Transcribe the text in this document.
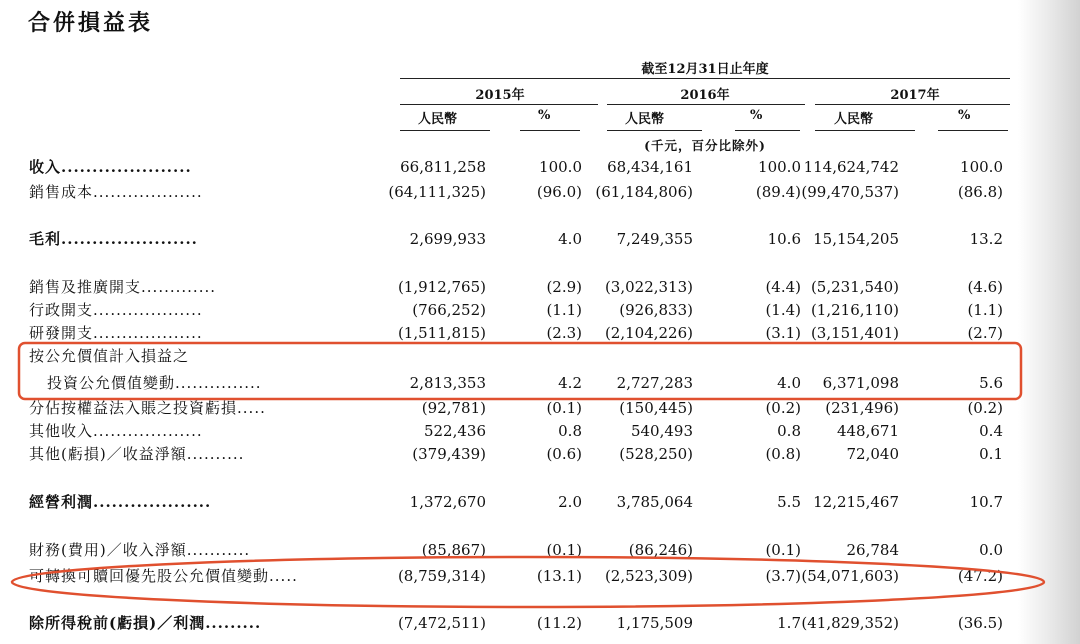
合併損益表
截至12月31日止年度
2015年	2016年	2017年
人民幣	%	人民幣	%	人民幣	%
(千元，百分比除外)
收入.....................	66,811,258	100.0 68,434,161	100.0 114,624,742	100.0
銷售成本...................	(64,111,325)	(96.0) (61,184,806)	(89.4) (99,470,537)	(86.8)
毛利......................	2,699,933	4.0 7,249,355	10.6 15,154,205	13.2
銷售及推廣開支.............	(1,912,765)	(2.9) (3,022,313)	(4.4) (5,231,540)	(4.6)
行政開支...................	(766,252)	(1.1) (926,833)	(1.4) (1,216,110)	(1.1)
研發開支...................	(1,511,815)	(2.3) (2,104,226)	(3.1) (3,151,401)	(2.7)
按公允價值計入損益之
投資公允價值變動...............	2,813,353	4.2 2,727,283	4.0 6,371,098	5.6
分佔按權益法入賬之投資虧損.....	(92,781)	(0.1) (150,445)	(0.2) (231,496)	(0.2)
其他收入...................	522,436	0.8	540,493	0.8 448,671	0.4
其他(虧損)／收益淨額..........	(379,439)	(0.6) (528,250)	(0.8)	72,040	0.1
經營利潤...................	1,372,670	2.0 3,785,064	5.5 12,215,467	10.7
財務(費用)／收入淨額...........	(85,867)	(0.1)	(86,246)	(0.1)	26,784	0.0
可轉換可贖回優先股公允價值變動.....	(8,759,314)	(13.1) (2,523,309)	(3.7) (54,071,603)	(47.2)
除所得稅前(虧損)／利潤.........	(7,472,511)	(11.2) 1,175,509	1.7 (41,829,352)	(36.5)
